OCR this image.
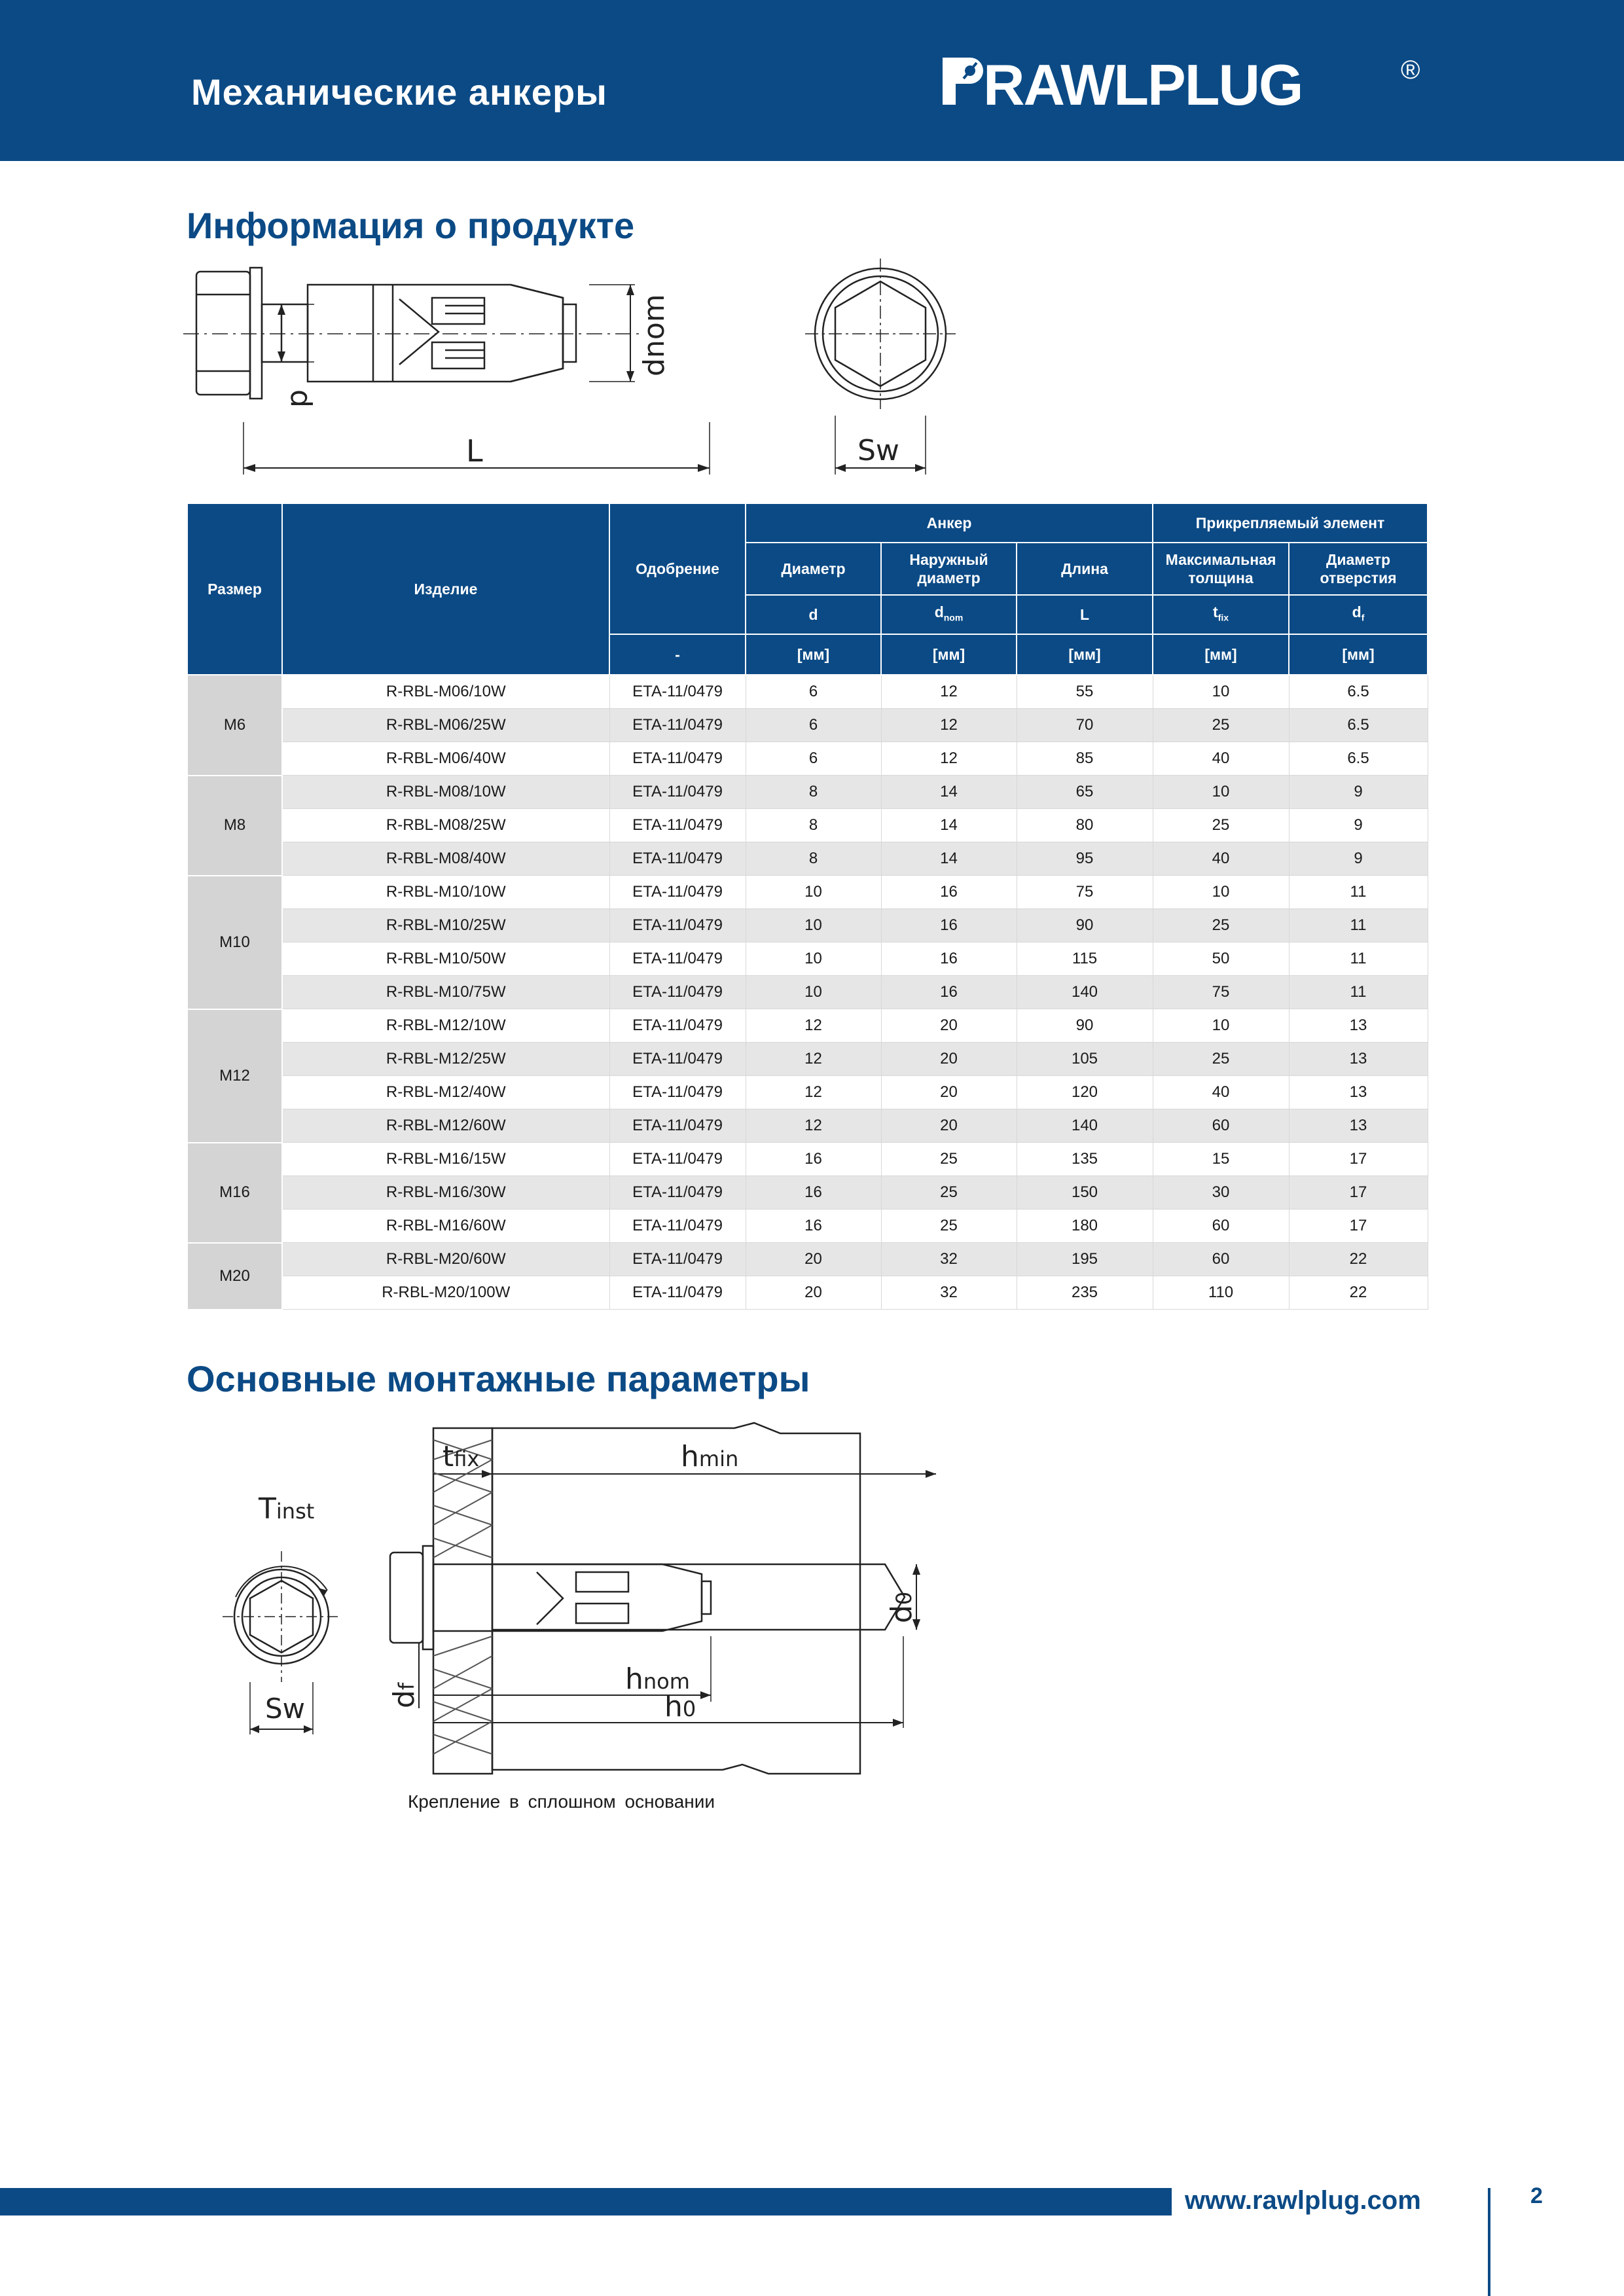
Механические анкеры	RAWLPLUG	®
Информация о продукте
d
L
dnom
Sw
Размер	Изделие	Одобрение	Анкер			Прикрепляемый элемент	
			Диаметр	Наружный диаметр	Длина	Максимальная толщина	Диаметр отверстия
			d	$d_{nom}$	L	$t_{fix}$	$d_f$
		-	[мм]	[мм]	[мм]	[мм]	[мм]
M6	R-RBL-M06/10W	ETA-11/0479	6	12	55	10	6.5
	R-RBL-M06/25W	ETA-11/0479	6	12	70	25	6.5
	R-RBL-M06/40W	ETA-11/0479	6	12	85	40	6.5
M8	R-RBL-M08/10W	ETA-11/0479	8	14	65	10	9
	R-RBL-M08/25W	ETA-11/0479	8	14	80	25	9
	R-RBL-M08/40W	ETA-11/0479	8	14	95	40	9
M10	R-RBL-M10/10W	ETA-11/0479	10	16	75	10	11
	R-RBL-M10/25W	ETA-11/0479	10	16	90	25	11
	R-RBL-M10/50W	ETA-11/0479	10	16	115	50	11
	R-RBL-M10/75W	ETA-11/0479	10	16	140	75	11
M12	R-RBL-M12/10W	ETA-11/0479	12	20	90	10	13
	R-RBL-M12/25W	ETA-11/0479	12	20	105	25	13
	R-RBL-M12/40W	ETA-11/0479	12	20	120	40	13
	R-RBL-M12/60W	ETA-11/0479	12	20	140	60	13
M16	R-RBL-M16/15W	ETA-11/0479	16	25	135	15	17
	R-RBL-M16/30W	ETA-11/0479	16	25	150	30	17
	R-RBL-M16/60W	ETA-11/0479	16	25	180	60	17
M20	R-RBL-M20/60W	ETA-11/0479	20	32	195	60	22
	R-RBL-M20/100W	ETA-11/0479	20	32	235	110	22
Основные монтажные параметры
Tinst
tfix	hmin
d0
df	hnom
h0
Sw
Крепление в сплошном основании
www.rawlplug.com	2
